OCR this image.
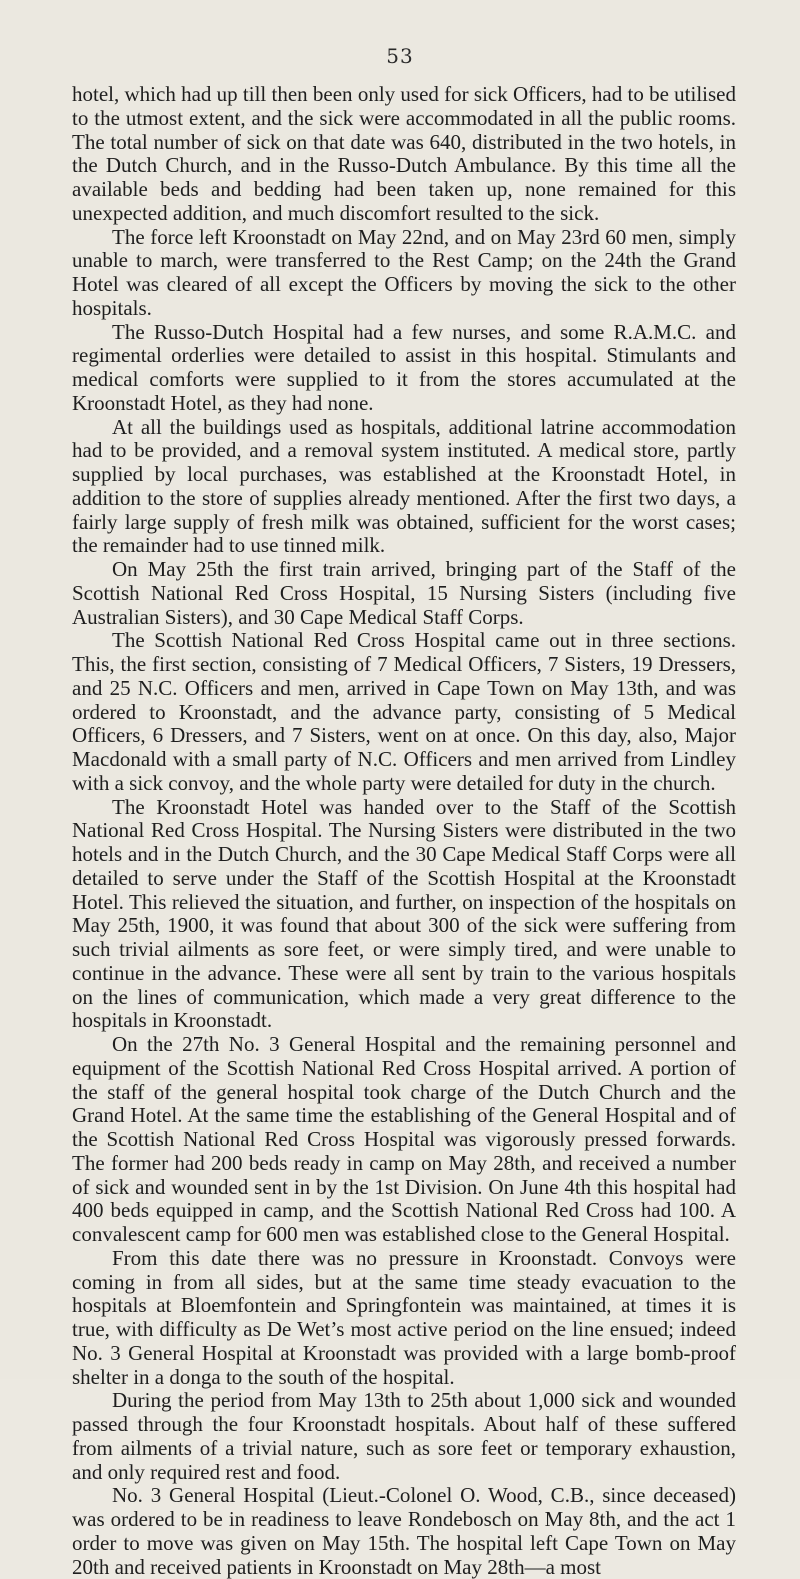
53

hotel, which had up till then been only used for sick Officers, had to be utilised to the utmost extent, and the sick were accommodated in all the public rooms. The total number of sick on that date was 640, distributed in the two hotels, in the Dutch Church, and in the Russo-Dutch Ambulance. By this time all the available beds and bedding had been taken up, none remained for this unexpected addition, and much discomfort resulted to the sick.

The force left Kroonstadt on May 22nd, and on May 23rd 60 men, simply unable to march, were transferred to the Rest Camp; on the 24th the Grand Hotel was cleared of all except the Officers by moving the sick to the other hospitals.

The Russo-Dutch Hospital had a few nurses, and some R.A.M.C. and regimental orderlies were detailed to assist in this hospital. Stimulants and medical comforts were supplied to it from the stores accumulated at the Kroonstadt Hotel, as they had none.

At all the buildings used as hospitals, additional latrine accommodation had to be provided, and a removal system instituted. A medical store, partly supplied by local purchases, was established at the Kroonstadt Hotel, in addition to the store of supplies already mentioned. After the first two days, a fairly large supply of fresh milk was obtained, sufficient for the worst cases; the remainder had to use tinned milk.

On May 25th the first train arrived, bringing part of the Staff of the Scottish National Red Cross Hospital, 15 Nursing Sisters (including five Australian Sisters), and 30 Cape Medical Staff Corps.

The Scottish National Red Cross Hospital came out in three sections. This, the first section, consisting of 7 Medical Officers, 7 Sisters, 19 Dressers, and 25 N.C. Officers and men, arrived in Cape Town on May 13th, and was ordered to Kroonstadt, and the advance party, consisting of 5 Medical Officers, 6 Dressers, and 7 Sisters, went on at once. On this day, also, Major Macdonald with a small party of N.C. Officers and men arrived from Lindley with a sick convoy, and the whole party were detailed for duty in the church.

The Kroonstadt Hotel was handed over to the Staff of the Scottish National Red Cross Hospital. The Nursing Sisters were distributed in the two hotels and in the Dutch Church, and the 30 Cape Medical Staff Corps were all detailed to serve under the Staff of the Scottish Hospital at the Kroonstadt Hotel. This relieved the situation, and further, on inspection of the hospitals on May 25th, 1900, it was found that about 300 of the sick were suffering from such trivial ailments as sore feet, or were simply tired, and were unable to continue in the advance. These were all sent by train to the various hospitals on the lines of communication, which made a very great difference to the hospitals in Kroonstadt.

On the 27th No. 3 General Hospital and the remaining personnel and equipment of the Scottish National Red Cross Hospital arrived. A portion of the staff of the general hospital took charge of the Dutch Church and the Grand Hotel. At the same time the establishing of the General Hospital and of the Scottish National Red Cross Hospital was vigorously pressed forwards. The former had 200 beds ready in camp on May 28th, and received a number of sick and wounded sent in by the 1st Division. On June 4th this hospital had 400 beds equipped in camp, and the Scottish National Red Cross had 100. A convalescent camp for 600 men was established close to the General Hospital.

From this date there was no pressure in Kroonstadt. Convoys were coming in from all sides, but at the same time steady evacuation to the hospitals at Bloemfontein and Springfontein was maintained, at times it is true, with difficulty as De Wet’s most active period on the line ensued; indeed No. 3 General Hospital at Kroonstadt was provided with a large bomb-proof shelter in a donga to the south of the hospital.

During the period from May 13th to 25th about 1,000 sick and wounded passed through the four Kroonstadt hospitals. About half of these suffered from ailments of a trivial nature, such as sore feet or temporary exhaustion, and only required rest and food.

No. 3 General Hospital (Lieut.-Colonel O. Wood, C.B., since deceased) was ordered to be in readiness to leave Rondebosch on May 8th, and the act 1 order to move was given on May 15th. The hospital left Cape Town on May 20th and received patients in Kroonstadt on May 28th—a most
